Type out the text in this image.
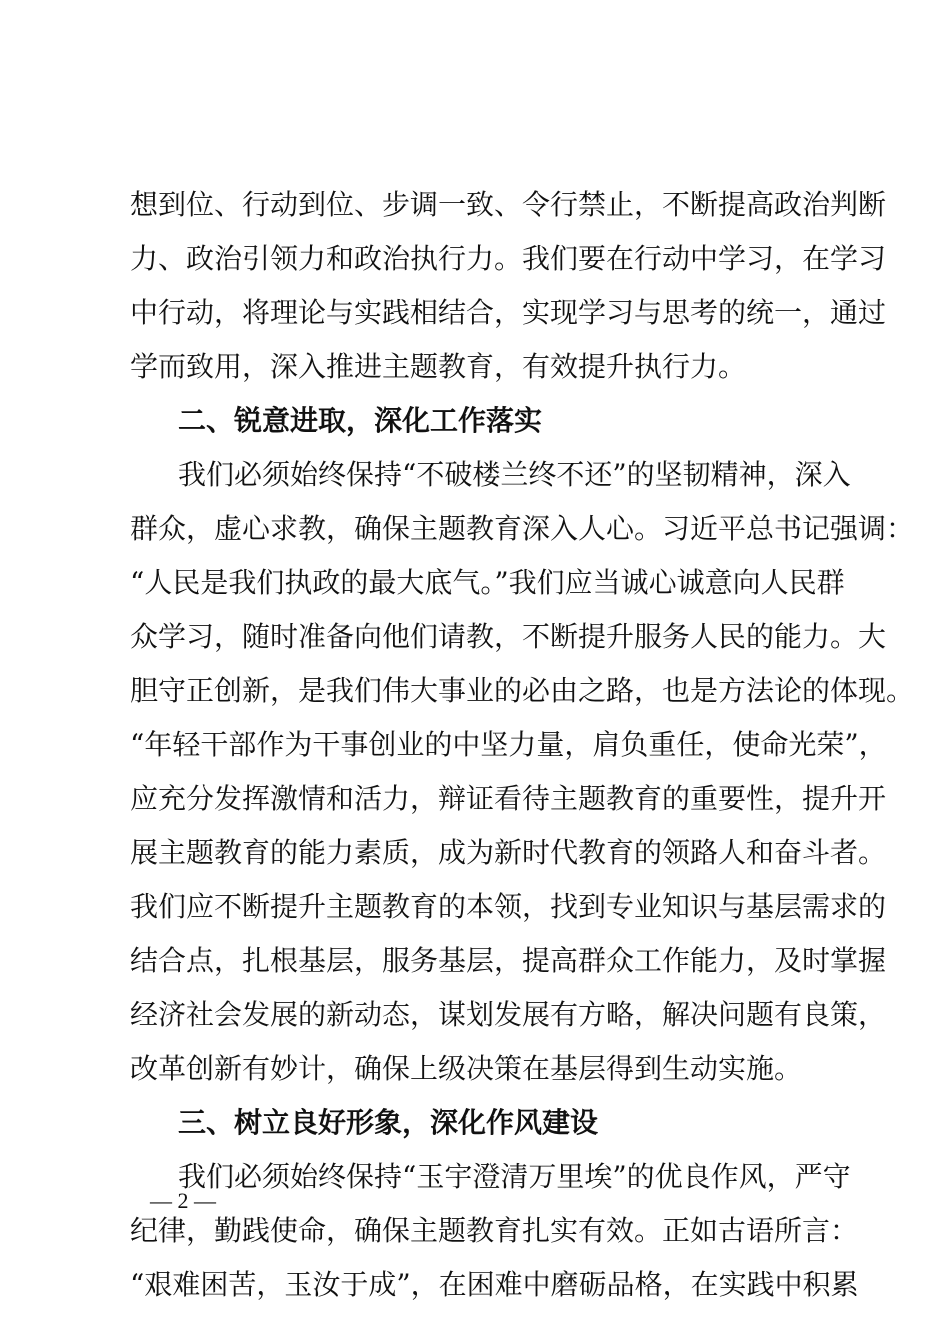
想到位、行动到位、步调一致、令行禁止，不断提高政治判断
力、政治引领力和政治执行力。我们要在行动中学习，在学习
中行动，将理论与实践相结合，实现学习与思考的统一，通过
学而致用，深入推进主题教育，有效提升执行力。
二、锐意进取，深化工作落实
我们必须始终保持“不破楼兰终不还”的坚韧精神，深入
群众，虚心求教，确保主题教育深入人心。习近平总书记强调：
“人民是我们执政的最大底气。”我们应当诚心诚意向人民群
众学习，随时准备向他们请教，不断提升服务人民的能力。大
胆守正创新，是我们伟大事业的必由之路，也是方法论的体现。
“年轻干部作为干事创业的中坚力量，肩负重任，使命光荣”，
应充分发挥激情和活力，辩证看待主题教育的重要性，提升开
展主题教育的能力素质，成为新时代教育的领路人和奋斗者。
我们应不断提升主题教育的本领，找到专业知识与基层需求的
结合点，扎根基层，服务基层，提高群众工作能力，及时掌握
经济社会发展的新动态，谋划发展有方略，解决问题有良策，
改革创新有妙计，确保上级决策在基层得到生动实施。
三、树立良好形象，深化作风建设
我们必须始终保持“玉宇澄清万里埃”的优良作风，严守
纪律，勤践使命，确保主题教育扎实有效。正如古语所言：
“艰难困苦，玉汝于成”，在困难中磨砺品格，在实践中积累
— 2 —
